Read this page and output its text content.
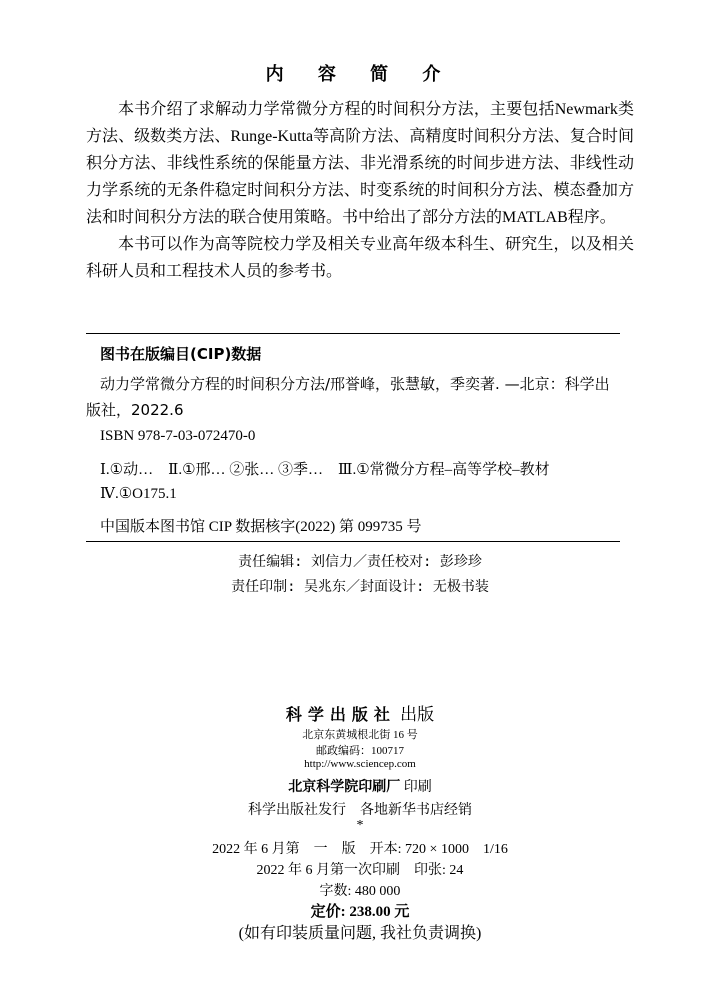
内 容 简 介

本书介绍了求解动力学常微分方程的时间积分方法，主要包括Newmark类方法、级数类方法、Runge-Kutta等高阶方法、高精度时间积分方法、复合时间积分方法、非线性系统的保能量方法、非光滑系统的时间步进方法、非线性动力学系统的无条件稳定时间积分方法、时变系统的时间积分方法、模态叠加方法和时间积分方法的联合使用策略。书中给出了部分方法的MATLAB程序。

本书可以作为高等院校力学及相关专业高年级本科生、研究生，以及相关科研人员和工程技术人员的参考书。

图书在版编目(CIP)数据
动力学常微分方程的时间积分方法/邢誉峰，张慧敏，季奕著. —北京：科学出版社，2022.6
ISBN 978-7-03-072470-0
Ⅰ.①动…　Ⅱ.①邢… ②张… ③季…　Ⅲ.①常微分方程–高等学校–教材
Ⅳ.①O175.1
中国版本图书馆 CIP 数据核字(2022) 第 099735 号
责任编辑: 刘信力／责任校对: 彭珍珍
责任印制: 吴兆东／封面设计: 无极书装
科学出版社 出版
北京东黄城根北街 16 号
邮政编码：100717
http://www.sciencep.com
北京科学院印刷厂 印刷
科学出版社发行　各地新华书店经销
*
2022 年 6 月第　一　版　开本: 720 × 1000　1/16
2022 年 6 月第一次印刷　印张: 24
字数: 480 000
定价: 238.00 元
(如有印装质量问题, 我社负责调换)
